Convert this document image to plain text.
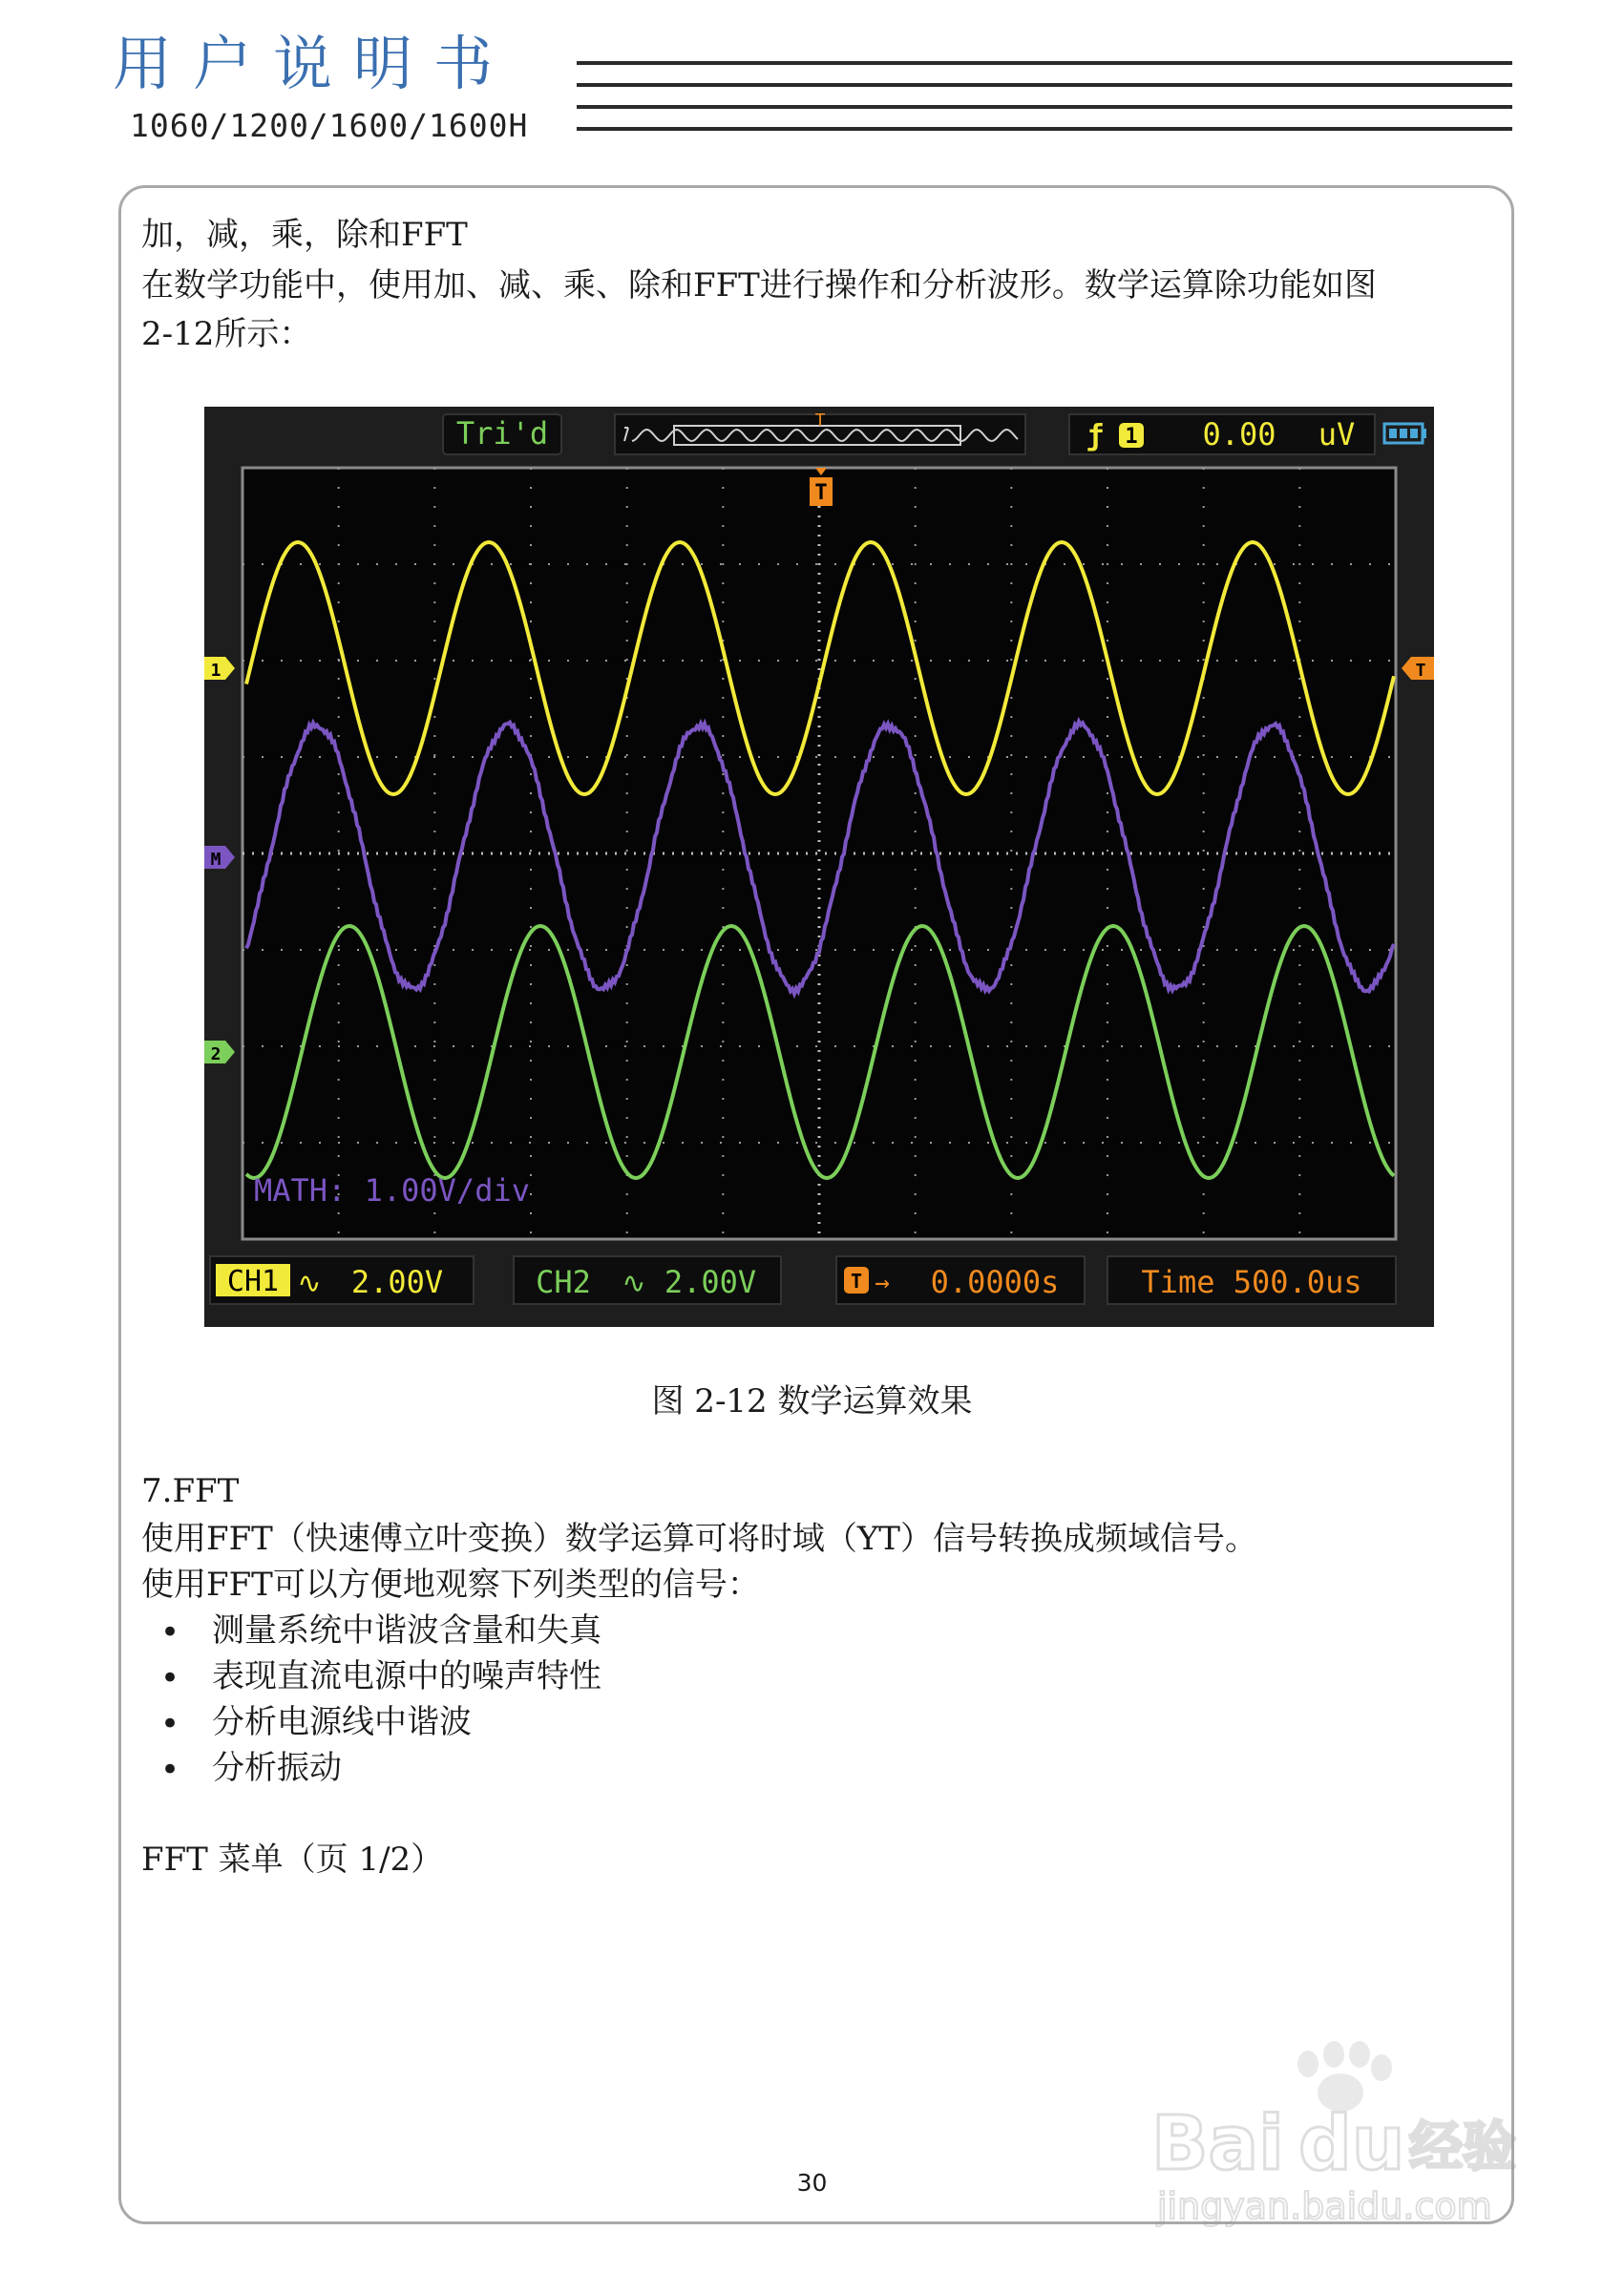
用户说明书
1060/1200/1600/1600H
加，减，乘，除和FFT
在数学功能中，使用加、减、乘、除和FFT进行操作和分析波形。数学运算除功能如图
2-12所示：
Tri'd	T	ƒ 1 0.00 uV
T
1
M
2
T
MATH: 1.00V/div
CH1 ∿ 2.00V	CH2 ∿ 2.00V	T → 0.0000s	Time 500.0us
图 2-12 数学运算效果
7.FFT
使用FFT（快速傅立叶变换）数学运算可将时域（YT）信号转换成频域信号。
使用FFT可以方便地观察下列类型的信号：
• 测量系统中谐波含量和失真
• 表现直流电源中的噪声特性
• 分析电源线中谐波
• 分析振动
FFT 菜单（页 1/2）
30	Bai du 经验
jingyan.baidu.com
